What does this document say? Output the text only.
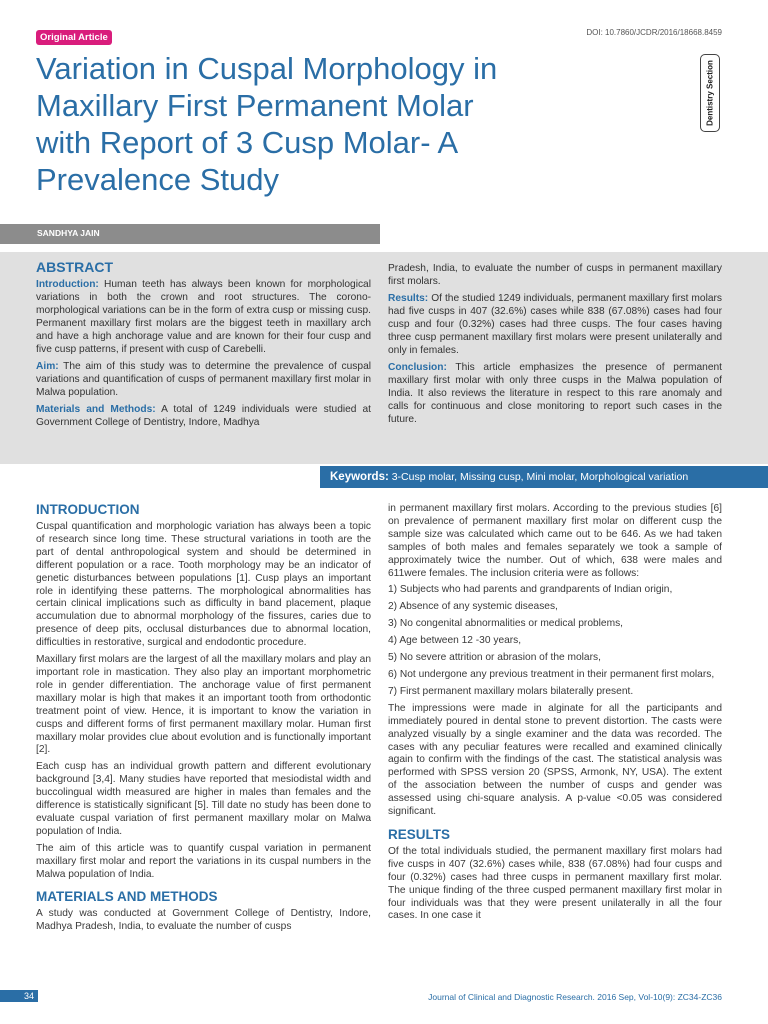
Original Article	DOI: 10.7860/JCDR/2016/18668.8459
Variation in Cuspal Morphology in Maxillary First Permanent Molar with Report of 3 Cusp Molar- A Prevalence Study
Dentistry Section
SANDHYA JAIN
ABSTRACT

Introduction: Human teeth has always been known for morphological variations in both the crown and root structures. The corono-morphological variations can be in the form of extra cusp or missing cusp. Permanent maxillary first molars are the biggest teeth in maxillary arch and have a high anchorage value and are known for their four cusp and five cusp patterns, if present with cusp of Carebelli.

Aim: The aim of this study was to determine the prevalence of cuspal variations and quantification of cusps of permanent maxillary first molar in Malwa population.

Materials and Methods: A total of 1249 individuals were studied at Government College of Dentistry, Indore, Madhya

Pradesh, India, to evaluate the number of cusps in permanent maxillary first molars.

Results: Of the studied 1249 individuals, permanent maxillary first molars had five cusps in 407 (32.6%) cases while 838 (67.08%) cases had four cusp and four (0.32%) cases had three cusps. The four cases having three cusp permanent maxillary first molars were present unilaterally and only in females.

Conclusion: This article emphasizes the presence of permanent maxillary first molar with only three cusps in the Malwa population of India. It also reviews the literature in respect to this rare anomaly and calls for continuous and close monitoring to report such cases in the future.

Keywords: 3-Cusp molar, Missing cusp, Mini molar, Morphological variation
INTRODUCTION

Cuspal quantification and morphologic variation has always been a topic of research since long time. These structural variations in tooth are the part of dental anthropological system and should be determined in different population or a race. Tooth morphology may be an indicator of genetic disturbances between populations [1]. Cusp plays an important role in identifying these patterns. The morphological abnormalities has certain clinical implications such as difficulty in band placement, plaque accumulation due to abnormal morphology of the fissures, caries due to presence of deep pits, occlusal disturbances due to abnormal location, difficulties in restorative, surgical and endodontic procedure.

Maxillary first molars are the largest of all the maxillary molars and play an important role in mastication. They also play an important morphometric role in gender differentiation. The anchorage value of first permanent maxillary molar is high that makes it an important tooth from orthodontic treatment point of view. Hence, it is important to know the variation in cusps and different forms of first permanent maxillary molar. Human first maxillary molar provides clue about evolution and is functionally important [2].

Each cusp has an individual growth pattern and different evolutionary background [3,4]. Many studies have reported that mesiodistal width and buccolingual width measured are higher in males than females and the difference is statistically significant [5]. Till date no study has been done to evaluate cuspal variation of first permanent maxillary molar on Malwa population of India.

The aim of this article was to quantify cuspal variation in permanent maxillary first molar and report the variations in its cuspal numbers in the Malwa population of India.

MATERIALS AND METHODS

A study was conducted at Government College of Dentistry, Indore, Madhya Pradesh, India, to evaluate the number of cusps

in permanent maxillary first molars. According to the previous studies [6] on prevalence of permanent maxillary first molar on different cusp the sample size was calculated which came out to be 646. As we had taken samples of both males and females separately we took a sample of approximately twice the number. Out of which, 638 were males and 611were females. The inclusion criteria were as follows:

1) Subjects who had parents and grandparents of Indian origin,

2) Absence of any systemic diseases,

3) No congenital abnormalities or medical problems,

4) Age between 12 -30 years,

5) No severe attrition or abrasion of the molars,

6) Not undergone any previous treatment in their permanent first molars,

7) First permanent maxillary molars bilaterally present.

The impressions were made in alginate for all the participants and immediately poured in dental stone to prevent distortion. The casts were analyzed visually by a single examiner and the data was recorded. The cases with any peculiar features were recalled and examined clinically again to confirm with the findings of the cast. The statistical analysis was performed with SPSS version 20 (SPSS, Armonk, NY, USA). The extent of the association between the number of cusps and gender was assessed using chi-square analysis. A p-value <0.05 was considered significant.

RESULTS

Of the total individuals studied, the permanent maxillary first molars had five cusps in 407 (32.6%) cases while, 838 (67.08%) had four cusps and four (0.32%) cases had three cusps in permanent maxillary first molar. The unique finding of the three cusped permanent maxillary first molar in four individuals was that they were present unilaterally in all the four cases. In one case it

34	Journal of Clinical and Diagnostic Research. 2016 Sep, Vol-10(9): ZC34-ZC36
